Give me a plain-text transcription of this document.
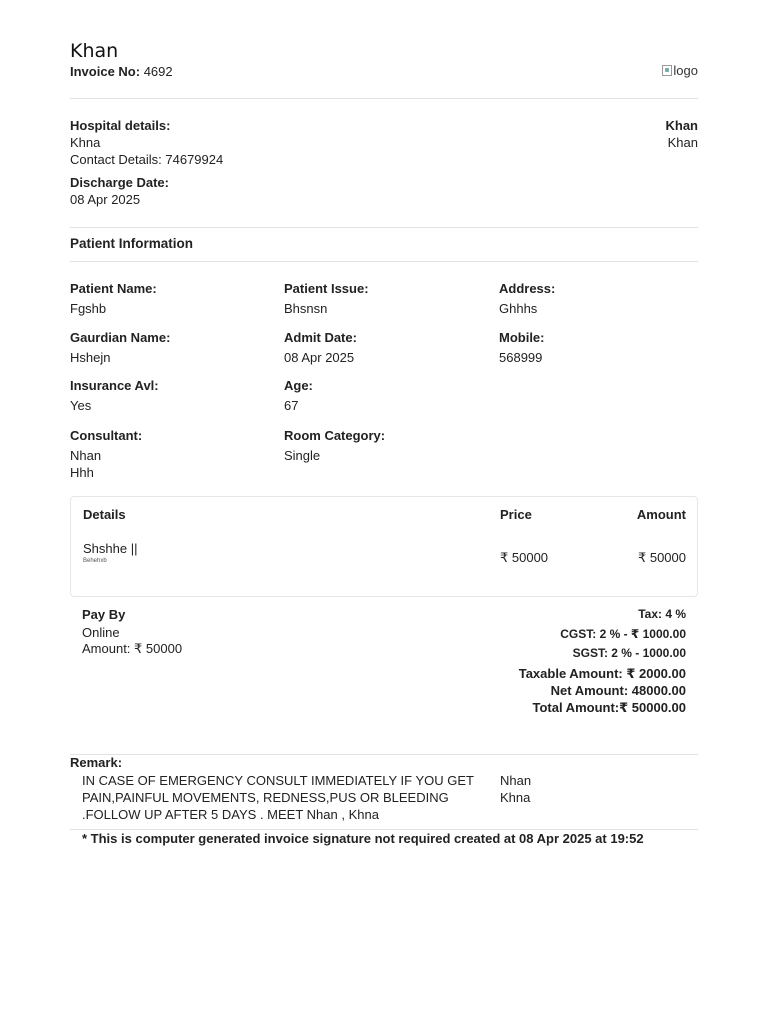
Khan
Invoice No: 4692	logo
Hospital details:
Khna
Contact Details: 74679924
Khan
Khan
Discharge Date:
08 Apr 2025
Patient Information
Patient Name:
Fgshb
Patient Issue:
Bhsnsn
Address:
Ghhhs
Gaurdian Name:
Hshejn
Admit Date:
08 Apr 2025
Mobile:
568999
Insurance Avl:
Yes
Age:
67
Consultant:
Nhan
Hhh
Room Category:
Single
Details	Price	Amount
Shshhe ||
Behehxb	₹ 50000	₹ 50000
Pay By
Online
Amount: ₹ 50000
Tax: 4 %
CGST: 2 % - ₹ 1000.00
SGST: 2 % - 1000.00
Taxable Amount: ₹ 2000.00
Net Amount: 48000.00
Total Amount:₹ 50000.00
Remark:
IN CASE OF EMERGENCY CONSULT IMMEDIATELY IF YOU GET
PAIN,PAINFUL MOVEMENTS, REDNESS,PUS OR BLEEDING
.FOLLOW UP AFTER 5 DAYS . MEET Nhan , Khna
Nhan
Khna
* This is computer generated invoice signature not required created at 08 Apr 2025 at 19:52
